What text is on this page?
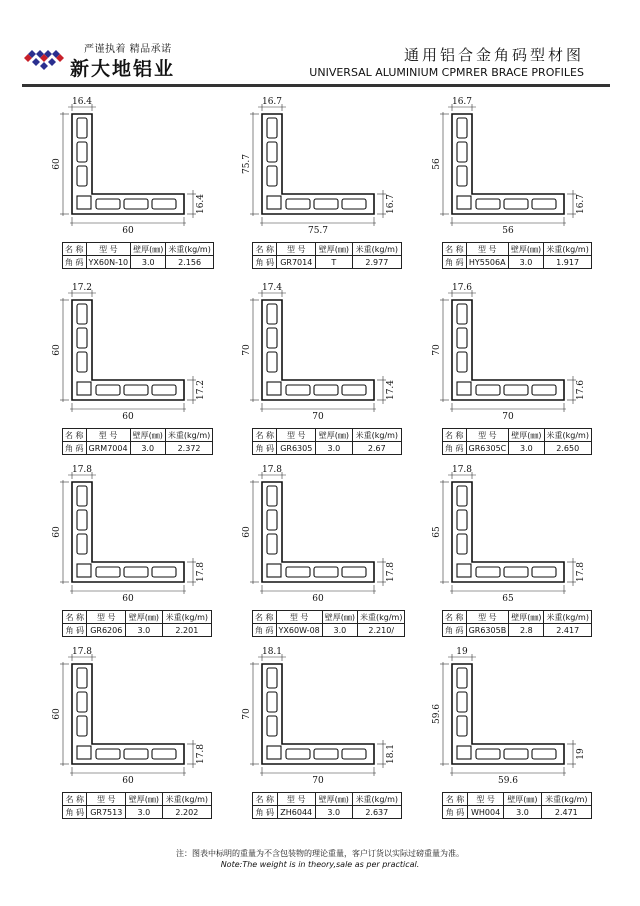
严谨执着 精品承诺
新大地铝业
通用铝合金角码型材图
UNIVERSAL ALUMINIUM CPMRER BRACE PROFILES
16.4
60
60
16.4
名 称	型 号	壁厚(㎜)	米重(kg/m)
角 码	YX60N-10	3.0	2.156
16.7
75.7
75.7
16.7
名 称	型 号	壁厚(㎜)	米重(kg/m)
角 码	GR7014	T	2.977
16.7
56
56
16.7
名 称	型 号	壁厚(㎜)	米重(kg/m)
角 码	HY5506A	3.0	1.917
17.2
60
60
17.2
名 称	型 号	壁厚(㎜)	米重(kg/m)
角 码	GRM7004	3.0	2.372
17.4
70
70
17.4
名 称	型 号	壁厚(㎜)	米重(kg/m)
角 码	GR6305	3.0	2.67
17.6
70
70
17.6
名 称	型 号	壁厚(㎜)	米重(kg/m)
角 码	GR6305C	3.0	2.650
17.8
60
60
17.8
名 称	型 号	壁厚(㎜)	米重(kg/m)
角 码	GR6206	3.0	2.201
17.8
60
60
17.8
名 称	型 号	壁厚(㎜)	米重(kg/m)
角 码	YX60W-08	3.0	2.210/
17.8
65
65
17.8
名 称	型 号	壁厚(㎜)	米重(kg/m)
角 码	GR6305B	2.8	2.417
17.8
60
60
17.8
名 称	型 号	壁厚(㎜)	米重(kg/m)
角 码	GR7513	3.0	2.202
18.1
70
70
18.1
名 称	型 号	壁厚(㎜)	米重(kg/m)
角 码	ZH6044	3.0	2.637
19
59.6
59.6
19
名 称	型 号	壁厚(㎜)	米重(kg/m)
角 码	WH004	3.0	2.471
注：图表中标明的重量为不含包装物的理论重量，客户订货以实际过磅重量为准。
Note:The weight is in theory,sale as per practical.
